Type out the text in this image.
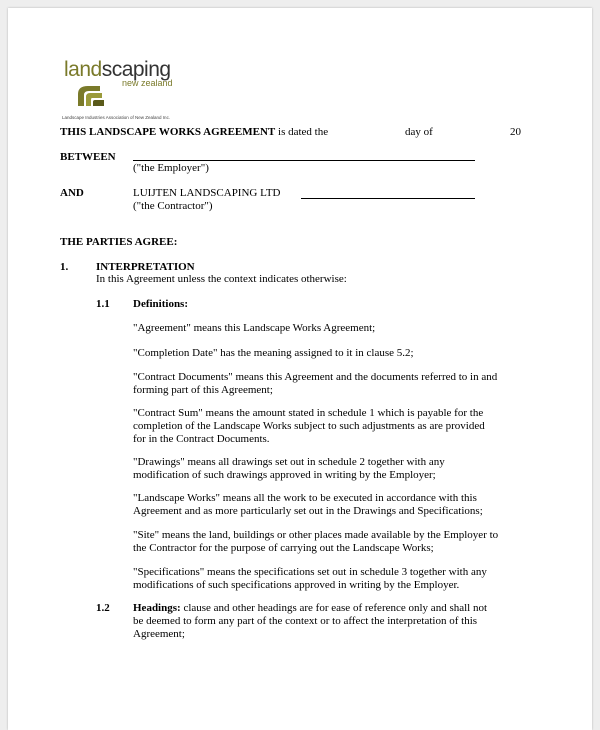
landscaping
new zealand
Landscape Industries Association of New Zealand Inc.
THIS LANDSCAPE WORKS AGREEMENT is dated the	day of	20
BETWEEN
("the Employer")
AND	LUIJTEN LANDSCAPING LTD
("the Contractor")
THE PARTIES AGREE:
1.	INTERPRETATION
In this Agreement unless the context indicates otherwise:
1.1 Definitions:
"Agreement" means this Landscape Works Agreement;
"Completion Date" has the meaning assigned to it in clause 5.2;
"Contract Documents" means this Agreement and the documents referred to in and
forming part of this Agreement;
"Contract Sum" means the amount stated in schedule 1 which is payable for the
completion of the Landscape Works subject to such adjustments as are provided
for in the Contract Documents.
"Drawings" means all drawings set out in schedule 2 together with any
modification of such drawings approved in writing by the Employer;
"Landscape Works" means all the work to be executed in accordance with this
Agreement and as more particularly set out in the Drawings and Specifications;
"Site" means the land, buildings or other places made available by the Employer to
the Contractor for the purpose of carrying out the Landscape Works;
"Specifications" means the specifications set out in schedule 3 together with any
modifications of such specifications approved in writing by the Employer.
1.2 Headings: clause and other headings are for ease of reference only and shall not
be deemed to form any part of the context or to affect the interpretation of this
Agreement;
